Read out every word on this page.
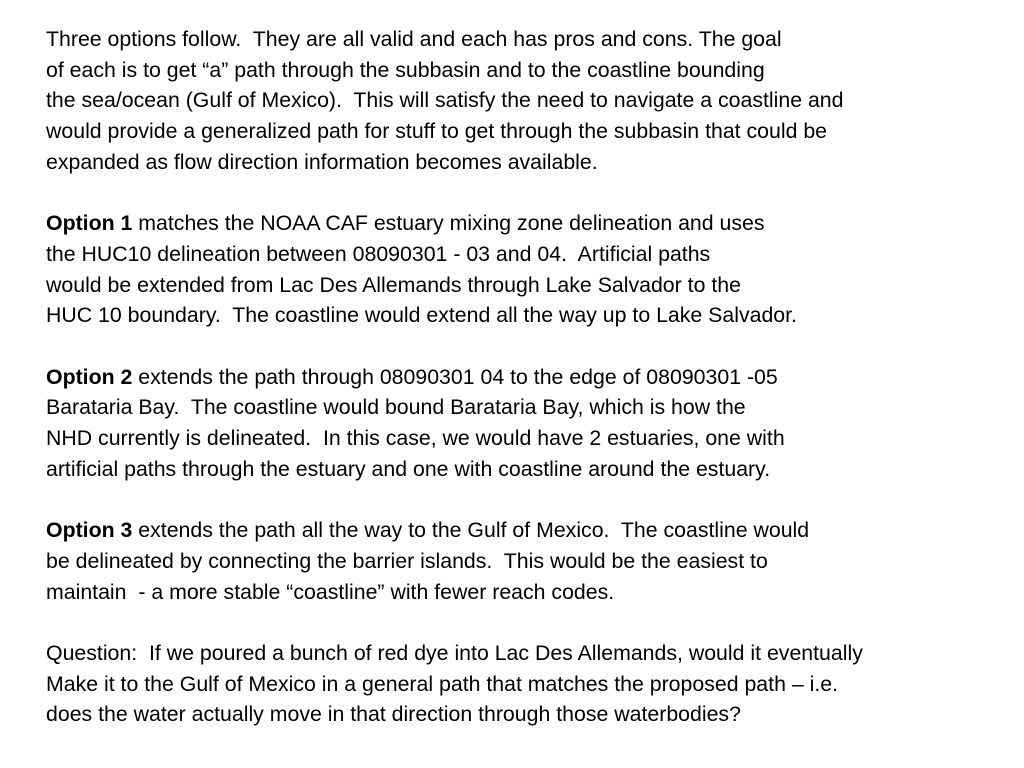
Three options follow.  They are all valid and each has pros and cons. The goal
of each is to get “a” path through the subbasin and to the coastline bounding
the sea/ocean (Gulf of Mexico).  This will satisfy the need to navigate a coastline and
would provide a generalized path for stuff to get through the subbasin that could be
expanded as flow direction information becomes available.
Option 1 matches the NOAA CAF estuary mixing zone delineation and uses
the HUC10 delineation between 08090301 - 03 and 04.  Artificial paths
would be extended from Lac Des Allemands through Lake Salvador to the
HUC 10 boundary.  The coastline would extend all the way up to Lake Salvador.
Option 2 extends the path through 08090301 04 to the edge of 08090301 -05
Barataria Bay.  The coastline would bound Barataria Bay, which is how the
NHD currently is delineated.  In this case, we would have 2 estuaries, one with
artificial paths through the estuary and one with coastline around the estuary.
Option 3 extends the path all the way to the Gulf of Mexico.  The coastline would
be delineated by connecting the barrier islands.  This would be the easiest to
maintain  - a more stable “coastline” with fewer reach codes.
Question:  If we poured a bunch of red dye into Lac Des Allemands, would it eventually
Make it to the Gulf of Mexico in a general path that matches the proposed path – i.e.
does the water actually move in that direction through those waterbodies?
